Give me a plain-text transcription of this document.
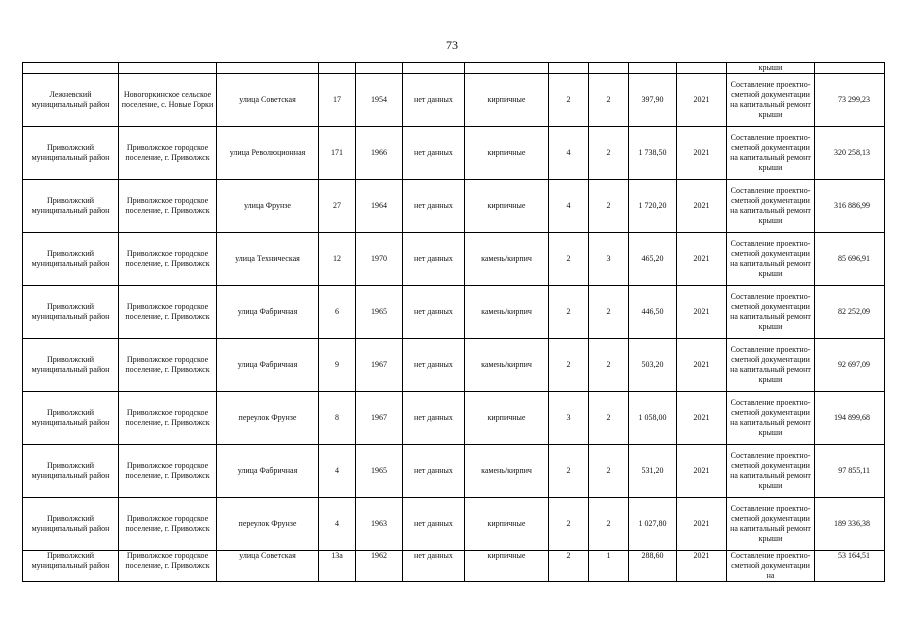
73
											крыши	
Лежневский муниципальный район	Новогоркинское сельское поселение, с. Новые Горки	улица Советская	17	1954	нет данных	кирпичные	2	2	397,90	2021	Составление проектно-сметной документации на капитальный ремонт крыши	73 299,23
Приволжский муниципальный район	Приволжское городское поселение, г. Приволжск	улица Революционная	171	1966	нет данных	кирпичные	4	2	1 738,50	2021	Составление проектно-сметной документации на капитальный ремонт крыши	320 258,13
Приволжский муниципальный район	Приволжское городское поселение, г. Приволжск	улица Фрунзе	27	1964	нет данных	кирпичные	4	2	1 720,20	2021	Составление проектно-сметной документации на капитальный ремонт крыши	316 886,99
Приволжский муниципальный район	Приволжское городское поселение, г. Приволжск	улица Техническая	12	1970	нет данных	камень/кирпич	2	3	465,20	2021	Составление проектно-сметной документации на капитальный ремонт крыши	85 696,91
Приволжский муниципальный район	Приволжское городское поселение, г. Приволжск	улица Фабричная	6	1965	нет данных	камень/кирпич	2	2	446,50	2021	Составление проектно-сметной документации на капитальный ремонт крыши	82 252,09
Приволжский муниципальный район	Приволжское городское поселение, г. Приволжск	улица Фабричная	9	1967	нет данных	камень/кирпич	2	2	503,20	2021	Составление проектно-сметной документации на капитальный ремонт крыши	92 697,09
Приволжский муниципальный район	Приволжское городское поселение, г. Приволжск	переулок Фрунзе	8	1967	нет данных	кирпичные	3	2	1 058,00	2021	Составление проектно-сметной документации на капитальный ремонт крыши	194 899,68
Приволжский муниципальный район	Приволжское городское поселение, г. Приволжск	улица Фабричная	4	1965	нет данных	камень/кирпич	2	2	531,20	2021	Составление проектно-сметной документации на капитальный ремонт крыши	97 855,11
Приволжский муниципальный район	Приволжское городское поселение, г. Приволжск	переулок Фрунзе	4	1963	нет данных	кирпичные	2	2	1 027,80	2021	Составление проектно-сметной документации на капитальный ремонт крыши	189 336,38
Приволжский муниципальный район	Приволжское городское поселение, г. Приволжск	улица Советская	13а	1962	нет данных	кирпичные	2	1	288,60	2021	Составление проектно-сметной документации на	53 164,51
